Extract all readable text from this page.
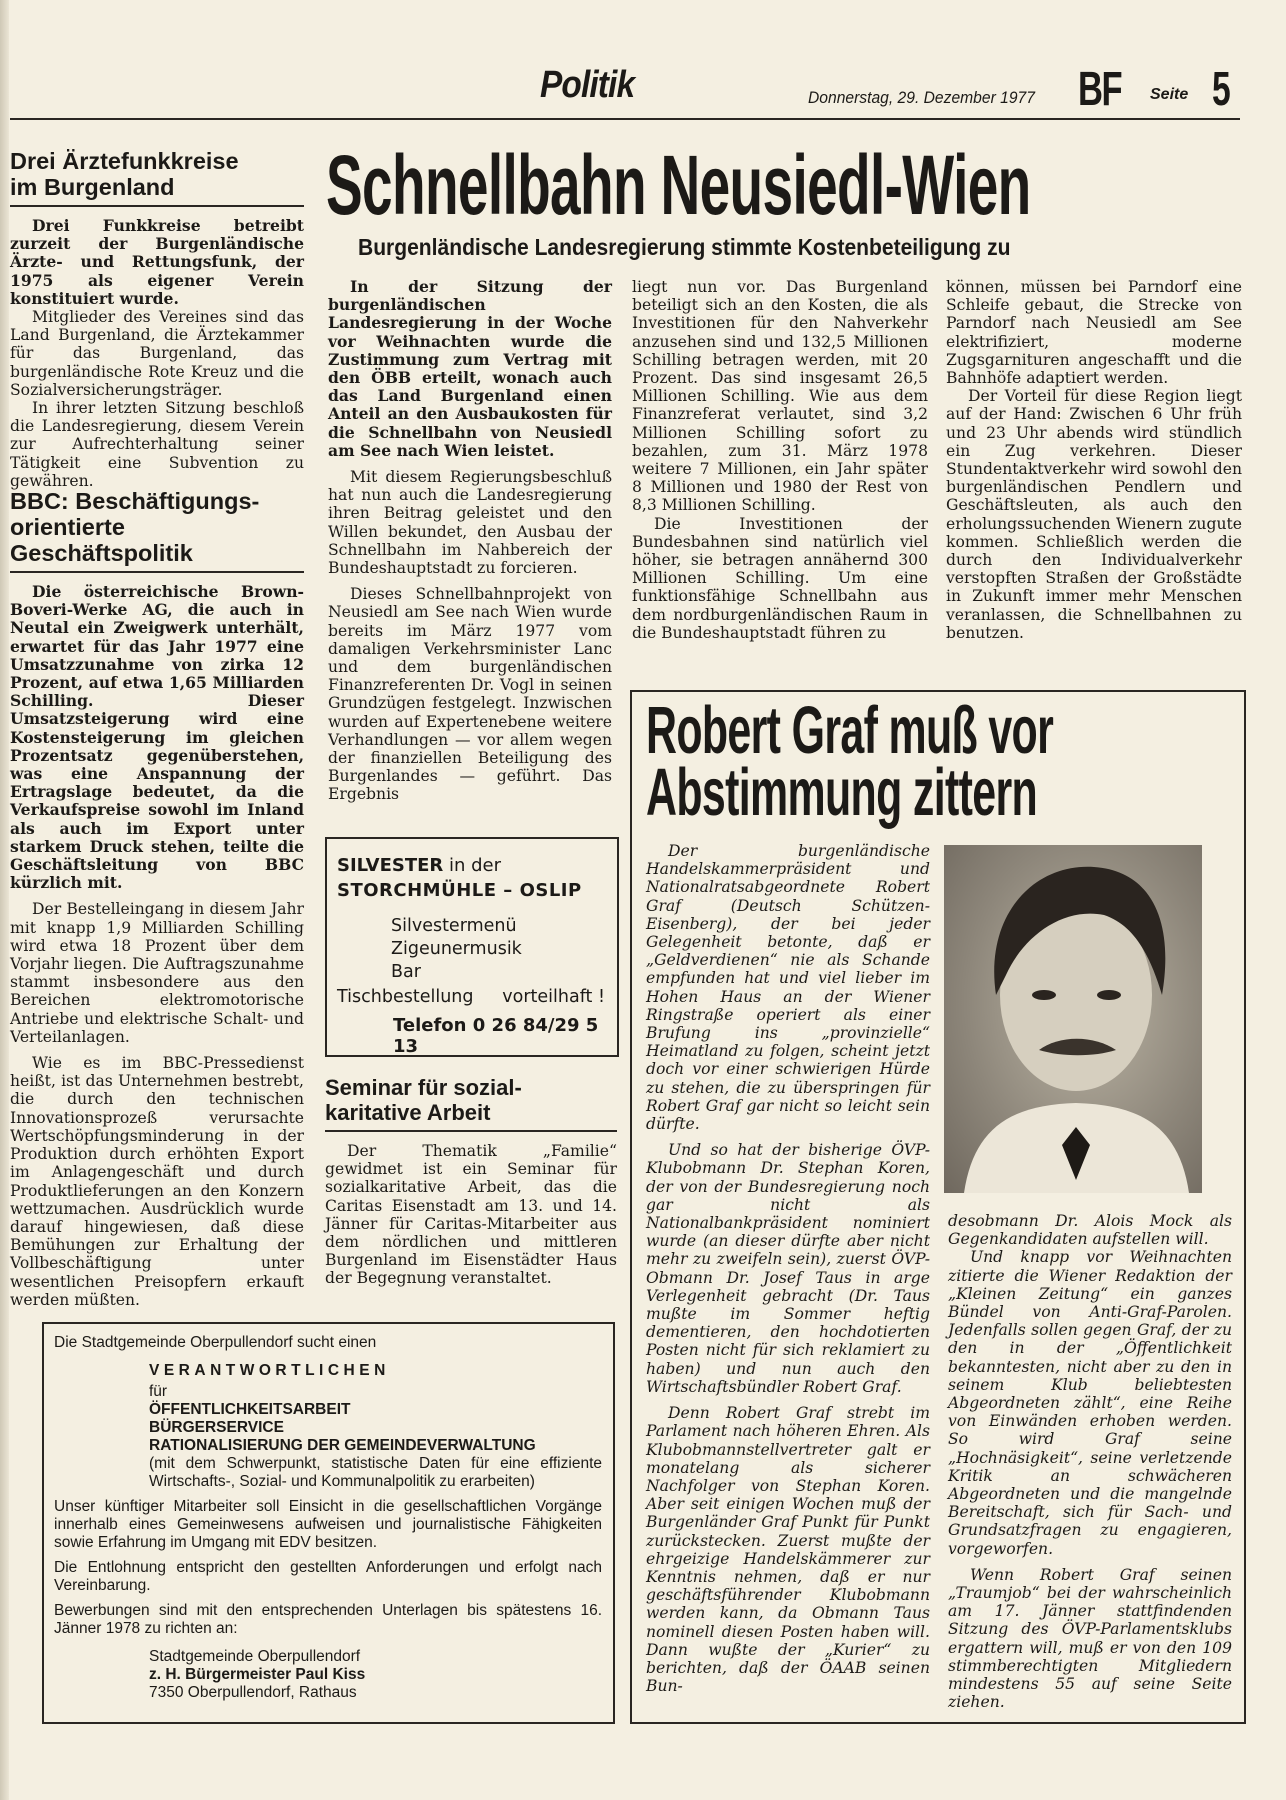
Politik	Donnerstag, 29. Dezember 1977 BF Seite 5
Drei Ärztefunkkreise
im Burgenland

Drei Funkkreise betreibt zurzeit der Burgenländische Ärzte- und Rettungsfunk, der 1975 als eigener Verein konstituiert wurde.

Mitglieder des Vereines sind das Land Burgenland, die Ärztekammer für das Burgenland, das burgenländische Rote Kreuz und die Sozialversicherungsträger.

In ihrer letzten Sitzung beschloß die Landesregierung, diesem Verein zur Aufrechterhaltung seiner Tätigkeit eine Subvention zu gewähren.

BBC: Beschäftigungs-
orientierte
Geschäftspolitik

Die österreichische Brown-Boveri-Werke AG, die auch in Neutal ein Zweigwerk unterhält, erwartet für das Jahr 1977 eine Umsatzzunahme von zirka 12 Prozent, auf etwa 1,65 Milliarden Schilling. Dieser Umsatzsteigerung wird eine Kostensteigerung im gleichen Prozentsatz gegenüberstehen, was eine Anspannung der Ertragslage bedeutet, da die Verkaufspreise sowohl im Inland als auch im Export unter starkem Druck stehen, teilte die Geschäftsleitung von BBC kürzlich mit.

Der Bestelleingang in diesem Jahr mit knapp 1,9 Milliarden Schilling wird etwa 18 Prozent über dem Vorjahr liegen. Die Auftragszunahme stammt insbesondere aus den Bereichen elektromotorische Antriebe und elektrische Schalt- und Verteilanlagen.

Wie es im BBC-Pressedienst heißt, ist das Unternehmen bestrebt, die durch den technischen Innovationsprozeß verursachte Wertschöpfungsminderung in der Produktion durch erhöhten Export im Anlagengeschäft und durch Produktlieferungen an den Konzern wettzumachen. Ausdrücklich wurde darauf hingewiesen, daß diese Bemühungen zur Erhaltung der Vollbeschäftigung unter wesentlichen Preisopfern erkauft werden müßten.

Schnellbahn Neusiedl-Wien
Burgenländische Landesregierung stimmte Kostenbeteiligung zu

In der Sitzung der burgenländischen Landesregierung in der Woche vor Weihnachten wurde die Zustimmung zum Vertrag mit den ÖBB erteilt, wonach auch das Land Burgenland einen Anteil an den Ausbaukosten für die Schnellbahn von Neusiedl am See nach Wien leistet.

Mit diesem Regierungsbeschluß hat nun auch die Landesregierung ihren Beitrag geleistet und den Willen bekundet, den Ausbau der Schnellbahn im Nahbereich der Bundeshauptstadt zu forcieren.

Dieses Schnellbahnprojekt von Neusiedl am See nach Wien wurde bereits im März 1977 vom damaligen Verkehrsminister Lanc und dem burgenländischen Finanzreferenten Dr. Vogl in seinen Grundzügen festgelegt. Inzwischen wurden auf Expertenebene weitere Verhandlungen — vor allem wegen der finanziellen Beteiligung des Burgenlandes — geführt. Das Ergebnis

liegt nun vor. Das Burgenland beteiligt sich an den Kosten, die als Investitionen für den Nahverkehr anzusehen sind und 132,5 Millionen Schilling betragen werden, mit 20 Prozent. Das sind insgesamt 26,5 Millionen Schilling. Wie aus dem Finanzreferat verlautet, sind 3,2 Millionen Schilling sofort zu bezahlen, zum 31. März 1978 weitere 7 Millionen, ein Jahr später 8 Millionen und 1980 der Rest von 8,3 Millionen Schilling.

Die Investitionen der Bundesbahnen sind natürlich viel höher, sie betragen annähernd 300 Millionen Schilling. Um eine funktionsfähige Schnellbahn aus dem nordburgenländischen Raum in die Bundeshauptstadt führen zu

können, müssen bei Parndorf eine Schleife gebaut, die Strecke von Parndorf nach Neusiedl am See elektrifiziert, moderne Zugsgarnituren angeschafft und die Bahnhöfe adaptiert werden.

Der Vorteil für diese Region liegt auf der Hand: Zwischen 6 Uhr früh und 23 Uhr abends wird stündlich ein Zug verkehren. Dieser Stundentaktverkehr wird sowohl den burgenländischen Pendlern und Geschäftsleuten, als auch den erholungssuchenden Wienern zugute kommen. Schließlich werden die durch den Individualverkehr verstopften Straßen der Großstädte in Zukunft immer mehr Menschen veranlassen, die Schnellbahnen zu benutzen.

SILVESTER in der
STORCHMÜHLE – OSLIP
Silvestermenü
Zigeunermusik
Bar
Tischbestellung vorteilhaft !
Telefon 0 26 84/29 5 13
Seminar für sozial-
karitative Arbeit

Der Thematik „Familie“ gewidmet ist ein Seminar für sozialkaritative Arbeit, das die Caritas Eisenstadt am 13. und 14. Jänner für Caritas-Mitarbeiter aus dem nördlichen und mittleren Burgenland im Eisenstädter Haus der Begegnung veranstaltet.

Die Stadtgemeinde Oberpullendorf sucht einen
VERANTWORTLICHEN
für
ÖFFENTLICHKEITSARBEIT
BÜRGERSERVICE
RATIONALISIERUNG DER GEMEINDEVERWALTUNG
(mit dem Schwerpunkt, statistische Daten für eine effiziente Wirtschafts-, Sozial- und Kommunalpolitik zu erarbeiten)
Unser künftiger Mitarbeiter soll Einsicht in die gesellschaftlichen Vorgänge innerhalb eines Gemeinwesens aufweisen und journalistische Fähigkeiten sowie Erfahrung im Umgang mit EDV besitzen.
Die Entlohnung entspricht den gestellten Anforderungen und erfolgt nach Vereinbarung.
Bewerbungen sind mit den entsprechenden Unterlagen bis spätestens 16. Jänner 1978 zu richten an:
Stadtgemeinde Oberpullendorf
z. H. Bürgermeister Paul Kiss
7350 Oberpullendorf, Rathaus
Robert Graf muß vor
Abstimmung zittern

Der burgenländische Handelskammerpräsident und Nationalratsabgeordnete Robert Graf (Deutsch Schützen-Eisenberg), der bei jeder Gelegenheit betonte, daß er „Geldverdienen“ nie als Schande empfunden hat und viel lieber im Hohen Haus an der Wiener Ringstraße operiert als einer Brufung ins „provinzielle“ Heimatland zu folgen, scheint jetzt doch vor einer schwierigen Hürde zu stehen, die zu überspringen für Robert Graf gar nicht so leicht sein dürfte.

Und so hat der bisherige ÖVP-Klubobmann Dr. Stephan Koren, der von der Bundesregierung noch gar nicht als Nationalbankpräsident nominiert wurde (an dieser dürfte aber nicht mehr zu zweifeln sein), zuerst ÖVP-Obmann Dr. Josef Taus in arge Verlegenheit gebracht (Dr. Taus mußte im Sommer heftig dementieren, den hochdotierten Posten nicht für sich reklamiert zu haben) und nun auch den Wirtschaftsbündler Robert Graf.

Denn Robert Graf strebt im Parlament nach höheren Ehren. Als Klubobmannstellvertreter galt er monatelang als sicherer Nachfolger von Stephan Koren. Aber seit einigen Wochen muß der Burgenländer Graf Punkt für Punkt zurückstecken. Zuerst mußte der ehrgeizige Handelskämmerer zur Kenntnis nehmen, daß er nur geschäftsführender Klubobmann werden kann, da Obmann Taus nominell diesen Posten haben will. Dann wußte der „Kurier“ zu berichten, daß der ÖAAB seinen Bun-

desobmann Dr. Alois Mock als Gegenkandidaten aufstellen will.

Und knapp vor Weihnachten zitierte die Wiener Redaktion der „Kleinen Zeitung“ ein ganzes Bündel von Anti-Graf-Parolen. Jedenfalls sollen gegen Graf, der zu den in der „Öffentlichkeit bekanntesten, nicht aber zu den in seinem Klub beliebtesten Abgeordneten zählt“, eine Reihe von Einwänden erhoben werden. So wird Graf seine „Hochnäsigkeit“, seine verletzende Kritik an schwächeren Abgeordneten und die mangelnde Bereitschaft, sich für Sach- und Grundsatzfragen zu engagieren, vorgeworfen.

Wenn Robert Graf seinen „Traumjob“ bei der wahrscheinlich am 17. Jänner stattfindenden Sitzung des ÖVP-Parlamentsklubs ergattern will, muß er von den 109 stimmberechtigten Mitgliedern mindestens 55 auf seine Seite ziehen.
